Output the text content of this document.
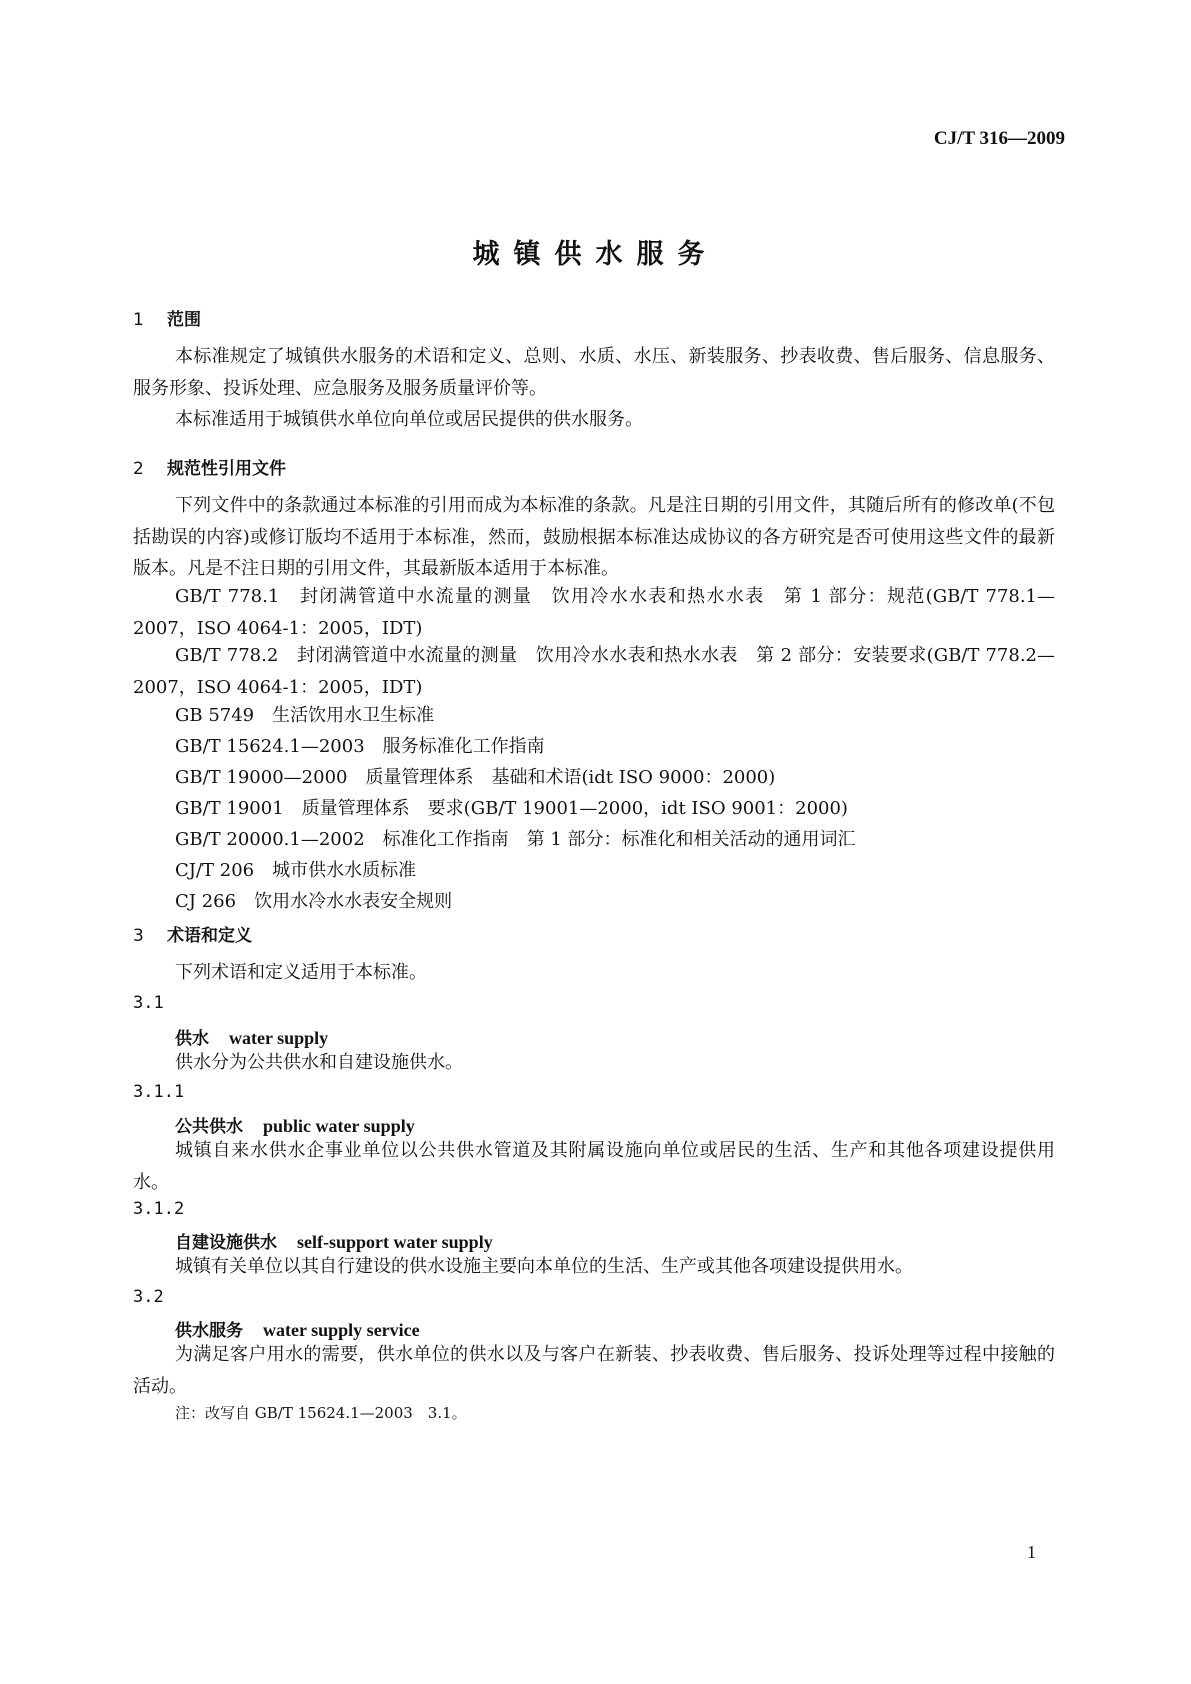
CJ/T 316—2009
城镇供水服务
1 范围
本标准规定了城镇供水服务的术语和定义、总则、水质、水压、新装服务、抄表收费、售后服务、信息服务、服务形象、投诉处理、应急服务及服务质量评价等。
本标准适用于城镇供水单位向单位或居民提供的供水服务。
2 规范性引用文件
下列文件中的条款通过本标准的引用而成为本标准的条款。凡是注日期的引用文件，其随后所有的修改单(不包括勘误的内容)或修订版均不适用于本标准，然而，鼓励根据本标准达成协议的各方研究是否可使用这些文件的最新版本。凡是不注日期的引用文件，其最新版本适用于本标准。
GB/T 778.1　封闭满管道中水流量的测量　饮用冷水水表和热水水表　第 1 部分：规范(GB/T 778.1—2007，ISO 4064-1：2005，IDT)
GB/T 778.2　封闭满管道中水流量的测量　饮用冷水水表和热水水表　第 2 部分：安装要求(GB/T 778.2—2007，ISO 4064-1：2005，IDT)
GB 5749 生活饮用水卫生标准
GB/T 15624.1—2003 服务标准化工作指南
GB/T 19000—2000 质量管理体系　基础和术语(idt ISO 9000：2000)
GB/T 19001 质量管理体系　要求(GB/T 19001—2000，idt ISO 9001：2000)
GB/T 20000.1—2002 标准化工作指南　第 1 部分：标准化和相关活动的通用词汇
CJ/T 206 城市供水水质标准
CJ 266 饮用水冷水水表安全规则
3 术语和定义
下列术语和定义适用于本标准。
3.1
供水 water supply
供水分为公共供水和自建设施供水。
3.1.1
公共供水 public water supply
城镇自来水供水企事业单位以公共供水管道及其附属设施向单位或居民的生活、生产和其他各项建设提供用水。
3.1.2
自建设施供水 self-support water supply
城镇有关单位以其自行建设的供水设施主要向本单位的生活、生产或其他各项建设提供用水。
3.2
供水服务 water supply service
为满足客户用水的需要，供水单位的供水以及与客户在新装、抄表收费、售后服务、投诉处理等过程中接触的活动。
注：改写自 GB/T 15624.1—2003　3.1。
1
